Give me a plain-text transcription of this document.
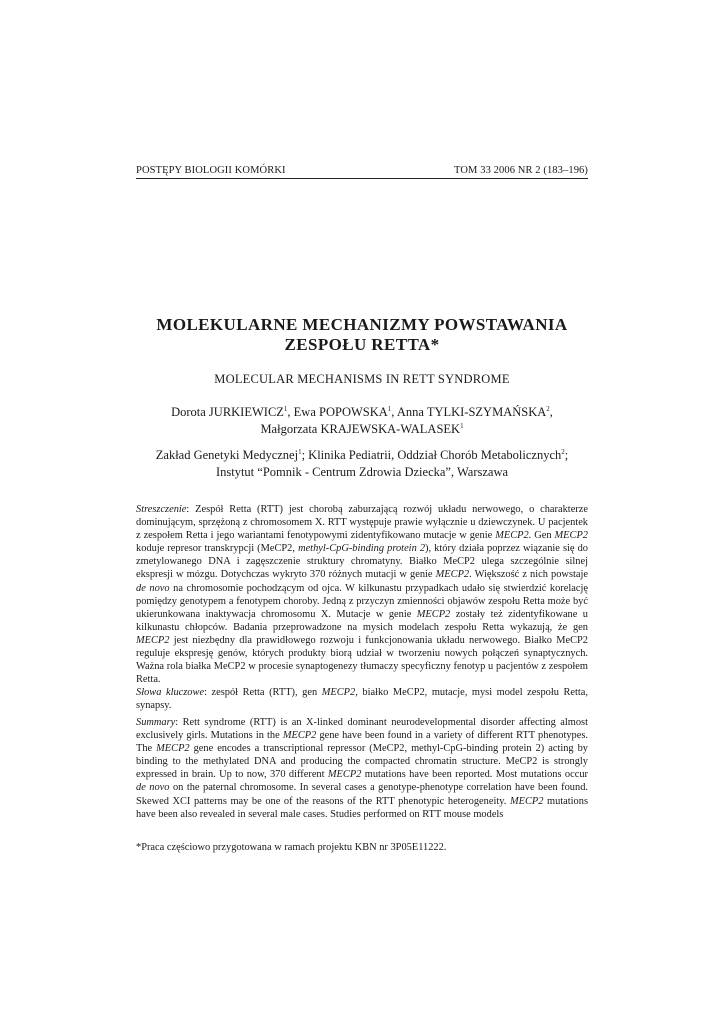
POSTĘPY BIOLOGII KOMÓRKI	TOM 33 2006 NR 2 (183–196)
MOLEKULARNE MECHANIZMY POWSTAWANIA
ZESPOŁU RETTA*
MOLECULAR MECHANISMS IN RETT SYNDROME
Dorota JURKIEWICZ$^1$, Ewa POPOWSKA$^1$, Anna TYLKI-SZYMAŃSKA$^2$,
Małgorzata KRAJEWSKA-WALASEK$^1$
Zakład Genetyki Medycznej$^1$; Klinika Pediatrii, Oddział Chorób Metabolicznych$^2$;
Instytut “Pomnik - Centrum Zdrowia Dziecka”, Warszawa
Streszczenie: Zespół Retta (RTT) jest chorobą zaburzającą rozwój układu nerwowego, o charakterze dominującym, sprzężoną z chromosomem X. RTT występuje prawie wyłącznie u dziewczynek. U pacjentek z zespołem Retta i jego wariantami fenotypowymi zidentyfikowano mutacje w genie MECP2. Gen MECP2 koduje represor transkrypcji (MeCP2, methyl-CpG-binding protein 2), który działa poprzez wiązanie się do zmetylowanego DNA i zagęszczenie struktury chromatyny. Białko MeCP2 ulega szczególnie silnej ekspresji w mózgu. Dotychczas wykryto 370 różnych mutacji w genie MECP2. Większość z nich powstaje de novo na chromosomie pochodzącym od ojca. W kilkunastu przypadkach udało się stwierdzić korelację pomiędzy genotypem a fenotypem choroby. Jedną z przyczyn zmienności objawów zespołu Retta może być ukierunkowana inaktywacja chromosomu X. Mutacje w genie MECP2 zostały też zidentyfikowane u kilkunastu chłopców. Badania przeprowadzone na mysich modelach zespołu Retta wykazują, że gen MECP2 jest niezbędny dla prawidłowego rozwoju i funkcjonowania układu nerwowego. Białko MeCP2 reguluje ekspresję genów, których produkty biorą udział w tworzeniu nowych połączeń synaptycznych. Ważna rola białka MeCP2 w procesie synaptogenezy tłumaczy specyficzny fenotyp u pacjentów z zespołem Retta.
Słowa kluczowe: zespół Retta (RTT), gen MECP2, białko MeCP2, mutacje, mysi model zespołu Retta, synapsy.
Summary: Rett syndrome (RTT) is an X-linked dominant neurodevelopmental disorder affecting almost exclusively girls. Mutations in the MECP2 gene have been found in a variety of different RTT phenotypes. The MECP2 gene encodes a transcriptional repressor (MeCP2, methyl-CpG-binding protein 2) acting by binding to the methylated DNA and producing the compacted chromatin structure. MeCP2 is strongly expressed in brain. Up to now, 370 different MECP2 mutations have been reported. Most mutations occur de novo on the paternal chromosome. In several cases a genotype-phenotype correlation have been found. Skewed XCI patterns may be one of the reasons of the RTT phenotypic heterogeneity. MECP2 mutations have been also revealed in several male cases. Studies performed on RTT mouse models
*Praca częściowo przygotowana w ramach projektu KBN nr 3P05E11222.
